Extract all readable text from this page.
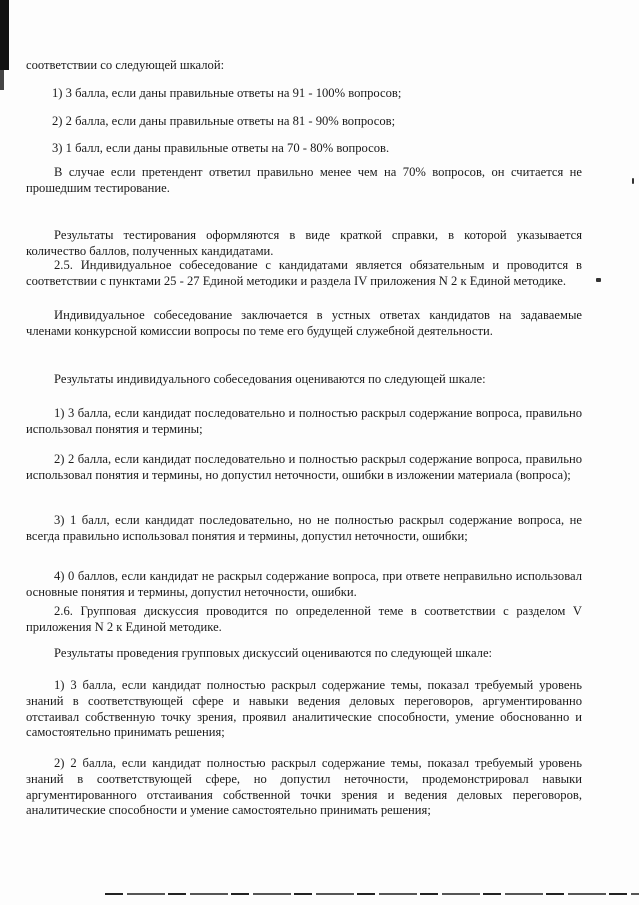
соответствии со следующей шкалой:

1) 3 балла, если даны правильные ответы на 91 - 100% вопросов;

2) 2 балла, если даны правильные ответы на 81 - 90% вопросов;

3) 1 балл, если даны правильные ответы на 70 - 80% вопросов.

В случае если претендент ответил правильно менее чем на 70% вопросов, он считается не прошедшим тестирование.

Результаты тестирования оформляются в виде краткой справки, в которой указывается количество баллов, полученных кандидатами.

2.5. Индивидуальное собеседование с кандидатами является обязательным и проводится в соответствии с пунктами 25 - 27 Единой методики и раздела IV приложения N 2 к Единой методике.

Индивидуальное собеседование заключается в устных ответах кандидатов на задаваемые членами конкурсной комиссии вопросы по теме его будущей служебной деятельности.

Результаты индивидуального собеседования оцениваются по следующей шкале:

1) 3 балла, если кандидат последовательно и полностью раскрыл содержание вопроса, правильно использовал понятия и термины;

2) 2 балла, если кандидат последовательно и полностью раскрыл содержание вопроса, правильно использовал понятия и термины, но допустил неточности, ошибки в изложении материала (вопроса);

3) 1 балл, если кандидат последовательно, но не полностью раскрыл содержание вопроса, не всегда правильно использовал понятия и термины, допустил неточности, ошибки;

4) 0 баллов, если кандидат не раскрыл содержание вопроса, при ответе неправильно использовал основные понятия и термины, допустил неточности, ошибки.

2.6. Групповая дискуссия проводится по определенной теме в соответствии с разделом V приложения N 2 к Единой методике.

Результаты проведения групповых дискуссий оцениваются по следующей шкале:

1) 3 балла, если кандидат полностью раскрыл содержание темы, показал требуемый уровень знаний в соответствующей сфере и навыки ведения деловых переговоров, аргументированно отстаивал собственную точку зрения, проявил аналитические способности, умение обоснованно и самостоятельно принимать решения;

2) 2 балла, если кандидат полностью раскрыл содержание темы, показал требуемый уровень знаний в соответствующей сфере, но допустил неточности, продемонстрировал навыки аргументированного отстаивания собственной точки зрения и ведения деловых переговоров, аналитические способности и умение самостоятельно принимать решения;
